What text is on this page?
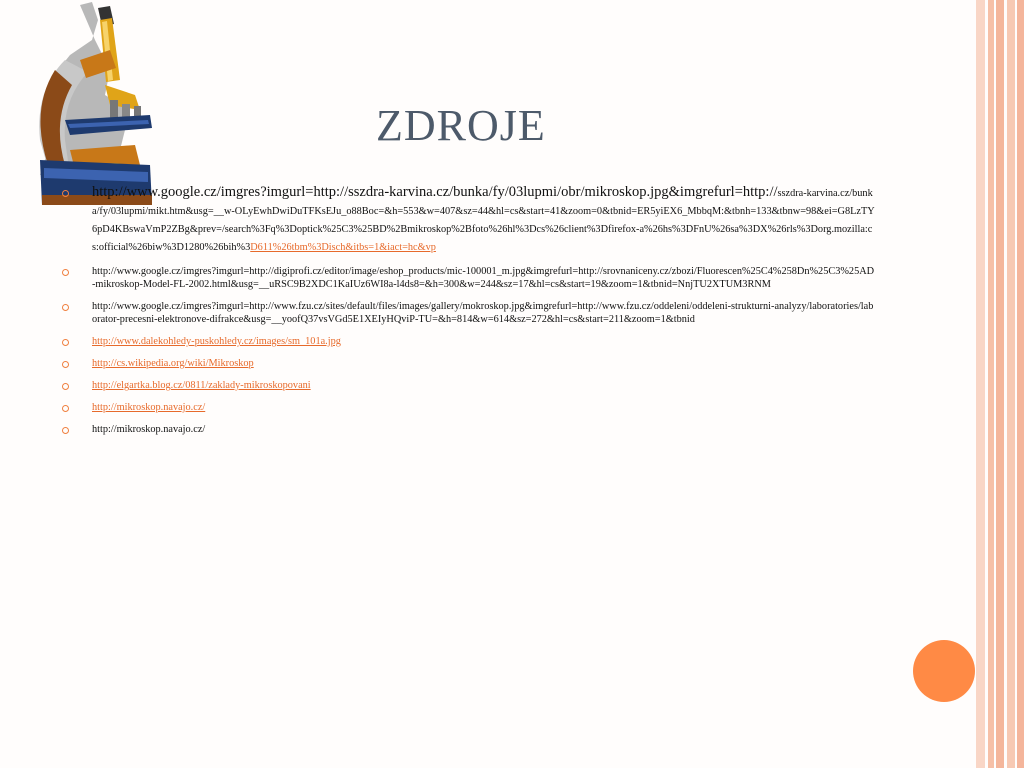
ZDROJE
http://www.google.cz/imgres?imgurl=http://sszdra-karvina.cz/bunka/fy/03lupmi/obr/mikroskop.jpg&imgrefurl=http://sszdra-karvina.cz/bunka/fy/03lupmi/mikt.htm&usg=__w-OLyEwhDwiDuTFKsEJu_o88Boc=&h=553&w=407&sz=44&hl=cs&start=41&zoom=0&tbnid=ER5yiEX6_MbbqM:&tbnh=133&tbnw=98&ei=G8LzTY6pD4KBswaVmP2ZBg&prev=/search%3Fq%3Doptick%25C3%25BD%2Bmikroskop%2Bfoto%26hl%3Dcs%26client%3Dfirefox-a%26hs%3DFnU%26sa%3DX%26rls%3Dorg.mozilla:cs:official%26biw%3D1280%26bih%3D611%26tbm%3Disch&itbs=1&iact=hc&vp
http://www.google.cz/imgres?imgurl=http://digiprofi.cz/editor/image/eshop_products/mic-100001_m.jpg&imgrefurl=http://srovnaniceny.cz/zbozi/Fluorescen%25C4%258Dn%25C3%25AD-mikroskop-Model-FL-2002.html&usg=__uRSC9B2XDC1KaIUz6WI8a-l4ds8=&h=300&w=244&sz=17&hl=cs&start=19&zoom=1&tbnid=NnjTU2XTUM3RNM
http://www.google.cz/imgres?imgurl=http://www.fzu.cz/sites/default/files/images/gallery/mokroskop.jpg&imgrefurl=http://www.fzu.cz/oddeleni/oddeleni-strukturni-analyzy/laboratories/laborator-precesni-elektronove-difrakce&usg=__yoofQ37vsVGd5E1XEIyHQviP-TU=&h=814&w=614&sz=272&hl=cs&start=211&zoom=1&tbnid
http://www.dalekohledy-puskohledy.cz/images/sm_101a.jpg
http://cs.wikipedia.org/wiki/Mikroskop
http://elgartka.blog.cz/0811/zaklady-mikroskopovani
http://mikroskop.navajo.cz/
http://mikroskop.navajo.cz/
